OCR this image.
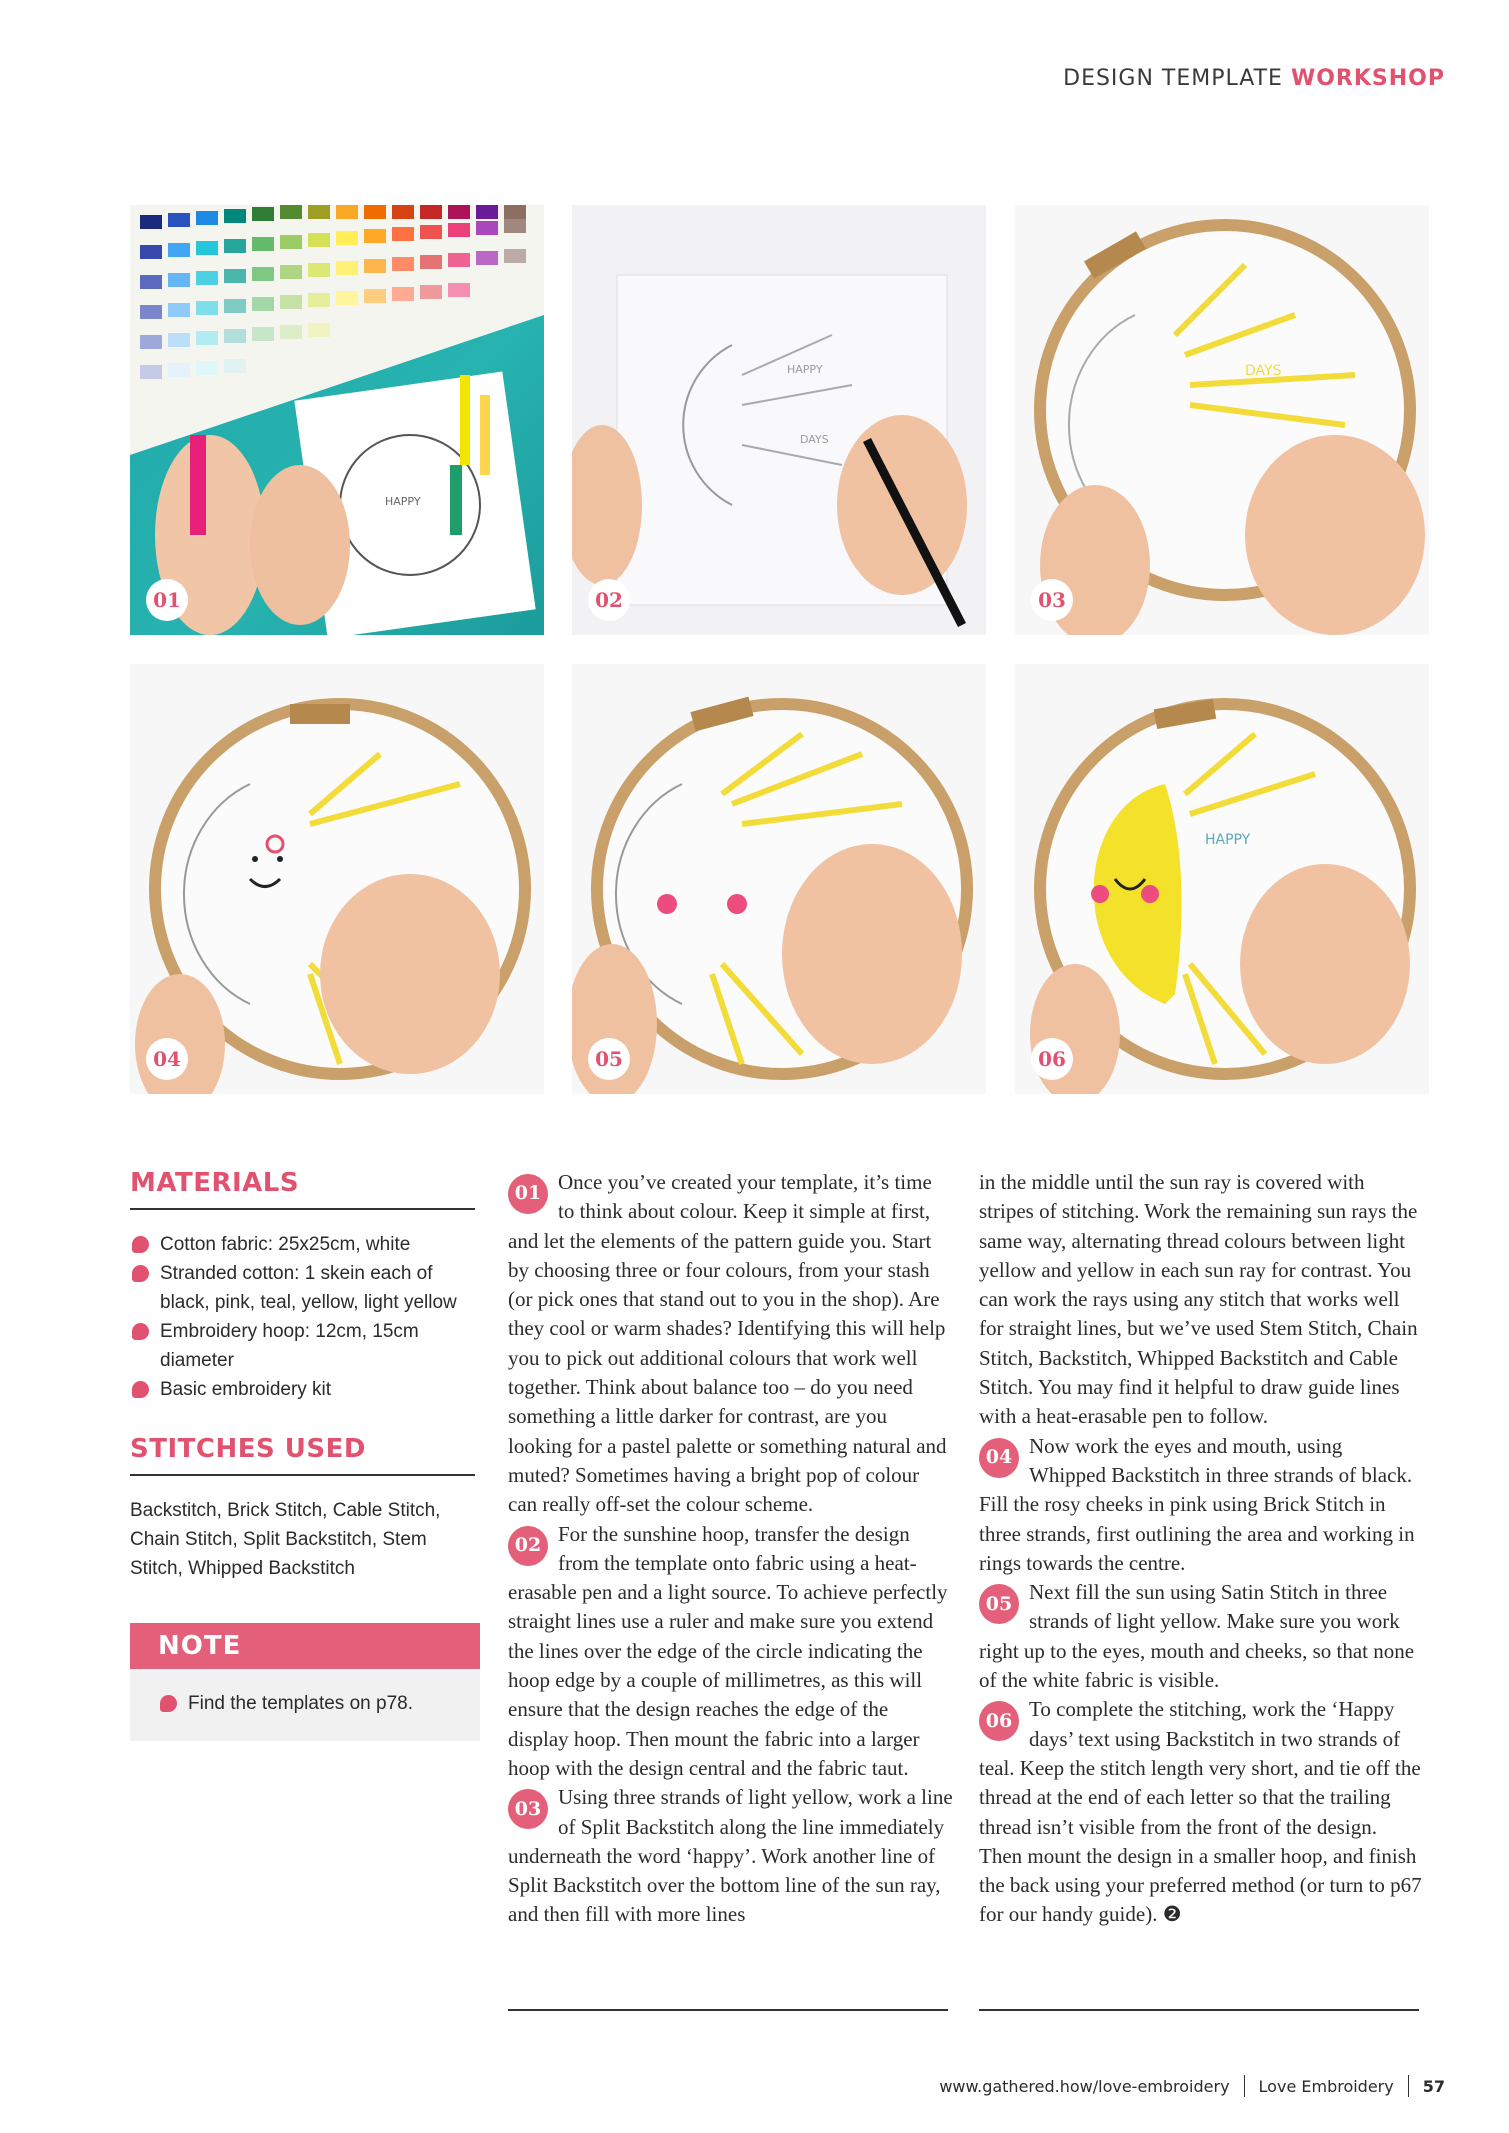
DESIGN TEMPLATE WORKSHOP
HAPPY
01
HAPPY
DAYS
02
DAYS
03
04	05
HAPPY
06
MATERIALS
Cotton fabric: 25x25cm, white
Stranded cotton: 1 skein each of black, pink, teal, yellow, light yellow
Embroidery hoop: 12cm, 15cm diameter
Basic embroidery kit
STITCHES USED

Backstitch, Brick Stitch, Cable Stitch, Chain Stitch, Split Backstitch, Stem Stitch, Whipped Backstitch

NOTE
Find the templates on p78.

01 Once you’ve created your template, it’s time to think about colour. Keep it simple at first, and let the elements of the pattern guide you. Start by choosing three or four colours, from your stash (or pick ones that stand out to you in the shop). Are they cool or warm shades? Identifying this will help you to pick out additional colours that work well together. Think about balance too – do you need something a little darker for contrast, are you looking for a pastel palette or something natural and muted? Sometimes having a bright pop of colour can really off-set the colour scheme.

02 For the sunshine hoop, transfer the design from the template onto fabric using a heat-erasable pen and a light source. To achieve perfectly straight lines use a ruler and make sure you extend the lines over the edge of the circle indicating the hoop edge by a couple of millimetres, as this will ensure that the design reaches the edge of the display hoop. Then mount the fabric into a larger hoop with the design central and the fabric taut.

03 Using three strands of light yellow, work a line of Split Backstitch along the line immediately underneath the word ‘happy’. Work another line of Split Backstitch over the bottom line of the sun ray, and then fill with more lines

in the middle until the sun ray is covered with stripes of stitching. Work the remaining sun rays the same way, alternating thread colours between light yellow and yellow in each sun ray for contrast. You can work the rays using any stitch that works well for straight lines, but we’ve used Stem Stitch, Chain Stitch, Backstitch, Whipped Backstitch and Cable Stitch. You may find it helpful to draw guide lines with a heat-erasable pen to follow.

04 Now work the eyes and mouth, using Whipped Backstitch in three strands of black. Fill the rosy cheeks in pink using Brick Stitch in three strands, first outlining the area and working in rings towards the centre.

05 Next fill the sun using Satin Stitch in three strands of light yellow. Make sure you work right up to the eyes, mouth and cheeks, so that none of the white fabric is visible.

06 To complete the stitching, work the ‘Happy days’ text using Backstitch in two strands of teal. Keep the stitch length very short, and tie off the thread at the end of each letter so that the trailing thread isn’t visible from the front of the design. Then mount the design in a smaller hoop, and finish the back using your preferred method (or turn to p67 for our handy guide). ❷

www.gathered.how/love-embroidery Love Embroidery 57
